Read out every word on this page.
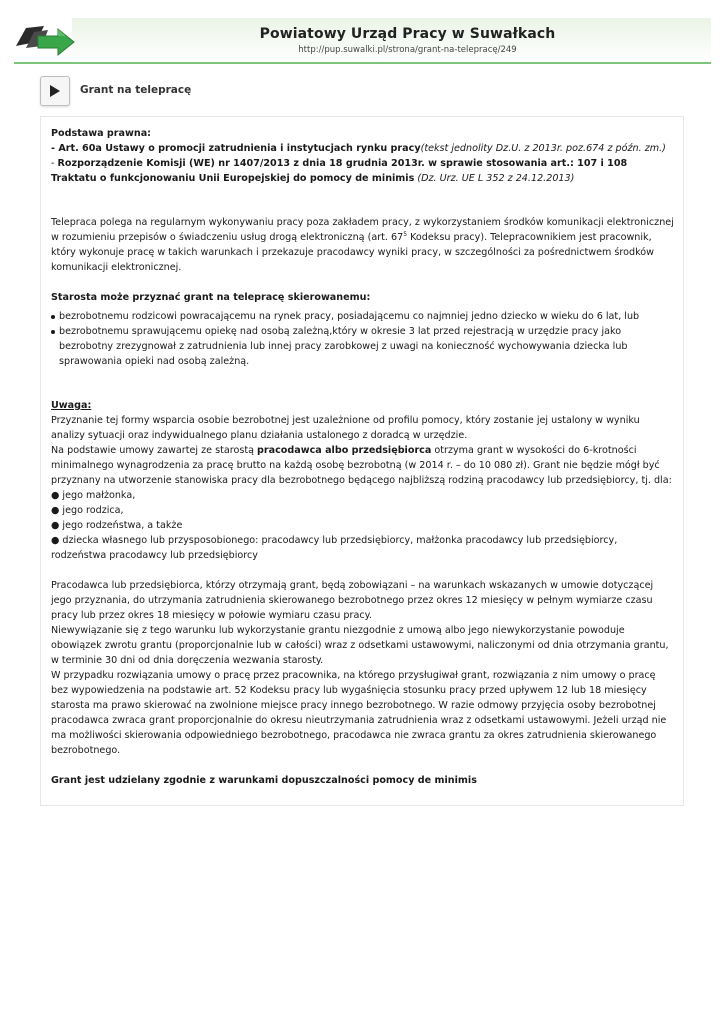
Powiatowy Urząd Pracy w Suwałkach
http://pup.suwalki.pl/strona/grant-na-telepracę/249
Grant na telepracę

Podstawa prawna:

- Art. 60a Ustawy o promocji zatrudnienia i instytucjach rynku pracy(tekst jednolity Dz.U. z 2013r. poz.674 z późn. zm.)

- Rozporządzenie Komisji (WE) nr 1407/2013 z dnia 18 grudnia 2013r. w sprawie stosowania art.: 107 i 108 Traktatu o funkcjonowaniu Unii Europejskiej do pomocy de minimis (Dz. Urz. UE L 352 z 24.12.2013)

Telepraca polega na regularnym wykonywaniu pracy poza zakładem pracy, z wykorzystaniem środków komunikacji elektronicznej w rozumieniu przepisów o świadczeniu usług drogą elektroniczną (art. $67^5$ Kodeksu pracy). Telepracownikiem jest pracownik, który wykonuje pracę w takich warunkach i przekazuje pracodawcy wyniki pracy, w szczególności za pośrednictwem środków komunikacji elektronicznej.

Starosta może przyznać grant na telepracę skierowanemu:

bezrobotnemu rodzicowi powracającemu na rynek pracy, posiadającemu co najmniej jedno dziecko w wieku do 6 lat, lub
bezrobotnemu sprawującemu opiekę nad osobą zależną,który w okresie 3 lat przed rejestracją w urzędzie pracy jako bezrobotny zrezygnował z zatrudnienia lub innej pracy zarobkowej z uwagi na konieczność wychowywania dziecka lub sprawowania opieki nad osobą zależną.

Uwaga:

Przyznanie tej formy wsparcia osobie bezrobotnej jest uzależnione od profilu pomocy, który zostanie jej ustalony w wyniku analizy sytuacji oraz indywidualnego planu działania ustalonego z doradcą w urzędzie.

Na podstawie umowy zawartej ze starostą pracodawca albo przedsiębiorca otrzyma grant w wysokości do 6-krotności minimalnego wynagrodzenia za pracę brutto na każdą osobę bezrobotną (w 2014 r. – do 10 080 zł). Grant nie będzie mógł być przyznany na utworzenie stanowiska pracy dla bezrobotnego będącego najbliższą rodziną pracodawcy lub przedsiębiorcy, tj. dla:

● jego małżonka,

● jego rodzica,

● jego rodzeństwa, a także

● dziecka własnego lub przysposobionego: pracodawcy lub przedsiębiorcy, małżonka pracodawcy lub przedsiębiorcy, rodzeństwa pracodawcy lub przedsiębiorcy

Pracodawca lub przedsiębiorca, którzy otrzymają grant, będą zobowiązani – na warunkach wskazanych w umowie dotyczącej jego przyznania, do utrzymania zatrudnienia skierowanego bezrobotnego przez okres 12 miesięcy w pełnym wymiarze czasu pracy lub przez okres 18 miesięcy w połowie wymiaru czasu pracy.

Niewywiązanie się z tego warunku lub wykorzystanie grantu niezgodnie z umową albo jego niewykorzystanie powoduje obowiązek zwrotu grantu (proporcjonalnie lub w całości) wraz z odsetkami ustawowymi, naliczonymi od dnia otrzymania grantu, w terminie 30 dni od dnia doręczenia wezwania starosty.

W przypadku rozwiązania umowy o pracę przez pracownika, na którego przysługiwał grant, rozwiązania z nim umowy o pracę bez wypowiedzenia na podstawie art. 52 Kodeksu pracy lub wygaśnięcia stosunku pracy przed upływem 12 lub 18 miesięcy starosta ma prawo skierować na zwolnione miejsce pracy innego bezrobotnego. W razie odmowy przyjęcia osoby bezrobotnej pracodawca zwraca grant proporcjonalnie do okresu nieutrzymania zatrudnienia wraz z odsetkami ustawowymi. Jeżeli urząd nie ma możliwości skierowania odpowiedniego bezrobotnego, pracodawca nie zwraca grantu za okres zatrudnienia skierowanego bezrobotnego.

Grant jest udzielany zgodnie z warunkami dopuszczalności pomocy de minimis
